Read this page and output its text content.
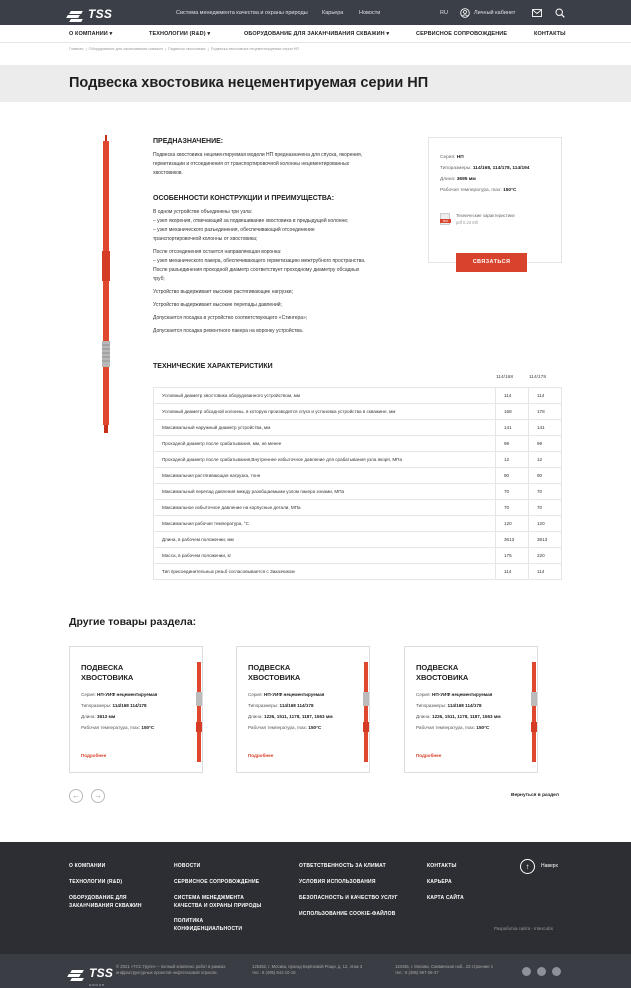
TSS	Система менеджмента качества и охраны природы	Карьера	Новости	RU	Личный кабинет
О КОМПАНИИ ▾	ТЕХНОЛОГИИ (R&D) ▾	ОБОРУДОВАНИЕ ДЛЯ ЗАКАНЧИВАНИЯ СКВАЖИН ▾	СЕРВИСНОЕ СОПРОВОЖДЕНИЕ	КОНТАКТЫ
Главная  |  Оборудование для заканчивания скважин  |  Подвески хвостовика  |  Подвеска хвостовика нецементируемая серии НП
Подвеска хвостовика нецементируемая серии НП
ПРЕДНАЗНАЧЕНИЕ:
Подвеска хвостовика нецементируемая модели НП предназначена для спуска, якорения,
герметизации и отсоединения от транспортировочной колонны нецементированных
хвостовиков.
ОСОБЕННОСТИ КОНСТРУКЦИИ И ПРЕИМУЩЕСТВА:
В одном устройстве объединены три узла:
– узел якорения, отвечающий за подвешивание хвостовика в предыдущей колонне;
– узел механического разъединения, обеспечивающий отсоединение
транспортировочной колонны от хвостовика;
После отсоединения остается направляющая воронка:
– узел механического пакера, обеспечивающего герметизацию межтрубного пространства.
После разъединения проходной диаметр соответствует проходному диаметру обсадных
труб;
Устройство выдерживает высокие растягивающие нагрузки;
Устройство выдерживает высокие перепады давлений;
Допускается посадка в устройство соответствующего «Стингера»;
Допускается посадка ремонтного пакера на воронку устройства.
Серия: НП
Типоразмеры: 114/168, 114/178, 114/194
Длина: 3695 мм
Рабочая температура, max: 150°С
PDF
Технические характеристики
pdf 0.23 Мб
СВЯЗАТЬСЯ
ТЕХНИЧЕСКИЕ ХАРАКТЕРИСТИКИ
114/168	114/178
Условный диаметр хвостовика оборудованного устройством, мм	114	114
Условный диаметр обсадной колонны, в которую производится спуск и установка устройства в скважине, мм	168	178
Максимальный наружный диаметр устройства, мм	141	141
Проходной диаметр после срабатывания, мм, не менее	99	99
Проходной диаметр после срабатывания,Внутреннее избыточное давление для срабатывания узла якоря, МПа	12	12
Максимальная растягивающая нагрузка, тонн	90	90
Максимальный перепад давления между разобщаемыми узлом пакера зонами, МПа	70	70
Максимальное избыточное давление на корпусные детали, МПа	70	70
Максимальная рабочая температура, °С	120	120
Длина, в рабочем положении, мм	3613	3613
Масса, в рабочем положении, кг	175	220
Тип присоединительных резьб согласовывается с Заказчиком	114	114
Другие товары раздела:
ПОДВЕСКА
ХВОСТОВИКА
Серия: НП-УИФ нецементируемая
Типоразмеры: 114/168 114/178
Длина: 3613 мм
Рабочая температура, max: 150°С
Подробнее
ПОДВЕСКА
ХВОСТОВИКА
Серия: НП-УИФ нецементируемая
Типоразмеры: 114/168 114/178
Длина: 1226, 1511, 1178, 1187, 1563 мм
Рабочая температура, max: 150°С
Подробнее
ПОДВЕСКА
ХВОСТОВИКА
Серия: НП-УИФ нецементируемая
Типоразмеры: 114/168 114/178
Длина: 1226, 1511, 1178, 1187, 1563 мм
Рабочая температура, max: 150°С
Подробнее
←	→	Вернуться в раздел
О КОМПАНИИ
ТЕХНОЛОГИИ (R&D)
ОБОРУДОВАНИЕ ДЛЯ
ЗАКАНЧИВАНИЯ СКВАЖИН
НОВОСТИ
СЕРВИСНОЕ СОПРОВОЖДЕНИЕ
СИСТЕМА МЕНЕДЖМЕНТА
КАЧЕСТВА И ОХРАНЫ ПРИРОДЫ
ПОЛИТИКА
КОНФИДЕНЦИАЛЬНОСТИ
ОТВЕТСТВЕННОСТЬ ЗА КЛИМАТ
УСЛОВИЯ ИСПОЛЬЗОВАНИЯ
БЕЗОПАСНОСТЬ И КАЧЕСТВО УСЛУГ
ИСПОЛЬЗОВАНИЕ COOKIE-ФАЙЛОВ
КОНТАКТЫ
КАРЬЕРА
КАРТА САЙТА
↑	Наверх
Разработка сайта - Intext.abs
TSS
GROUP
© 2021 «ТСС Групп» – полный комплекс работ в рамках
инфраструктурных проектов нефтегазовой отрасли.
125362, г. Москва, проезд Берёзовой Рощи, д. 12, этаж 3
тел.: 8 (495) 641-10-16
119435, г. Москва, Саввинская наб., 23 строение 1
тел.: 8 (495) 967-28-37
